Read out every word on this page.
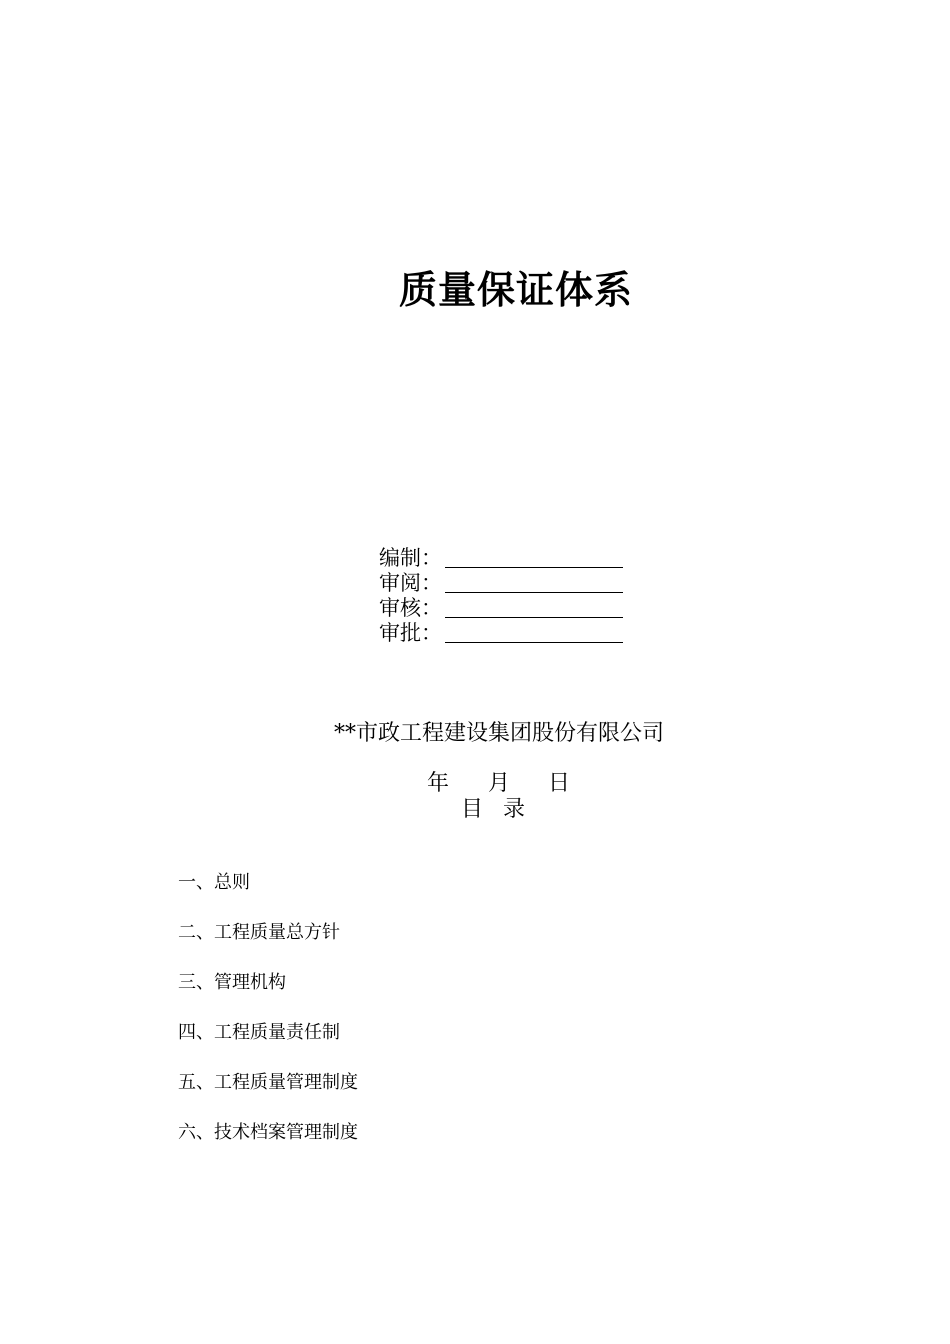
质量保证体系
编制：
审阅：
审核：
审批：
**市政工程建设集团股份有限公司
年 月 日
目 录
一、总则
二、工程质量总方针
三、管理机构
四、工程质量责任制
五、工程质量管理制度
六、技术档案管理制度
